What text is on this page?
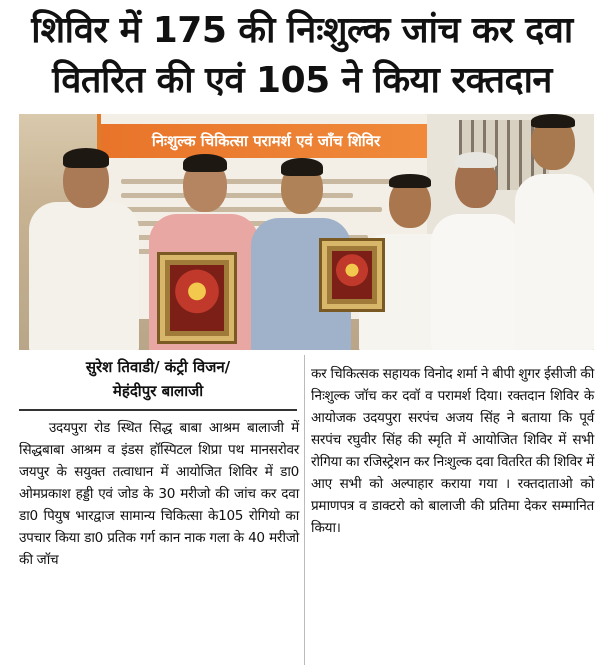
शिविर में 175 की निःशुल्क जांच कर दवा
वितरित की एवं 105 ने किया रक्तदान
निःशुल्क चिकित्सा परामर्श एवं जाँच शिविर
सुरेश तिवाडी/ कंट्री विजन/
मेहंदीपुर बालाजी

उदयपुरा रोड स्थित सिद्ध बाबा आश्रम बालाजी में सिद्धबाबा आश्रम व इंडस हॉस्पिटल शिप्रा पथ मानसरोवर जयपुर के सयुक्त तत्वाधान में आयोजित शिविर में डा0 ओमप्रकाश हड्डी एवं जोड के 30 मरीजो की जांच कर दवा डा0 पियुष भारद्वाज सामान्य चिकित्सा के105 रोगियो का उपचार किया डा0 प्रतिक गर्ग कान नाक गला के 40 मरीजो की जॉच

कर चिकित्सक सहायक विनोद शर्मा ने बीपी शुगर ईसीजी की निःशुल्क जॉच कर दवॉ व परामर्श दिया। रक्तदान शिविर के आयोजक उदयपुरा सरपंच अजय सिंह ने बताया कि पूर्व सरपंच रघुवीर सिंह की स्मृति में आयोजित शिविर में सभी रोगिया का रजिस्ट्रेशन कर निःशुल्क दवा वितरित की शिविर में आए सभी को अल्पाहार कराया गया । रक्तदाताओ को प्रमाणपत्र व डाक्टरो को बालाजी की प्रतिमा देकर सम्मानित किया।
